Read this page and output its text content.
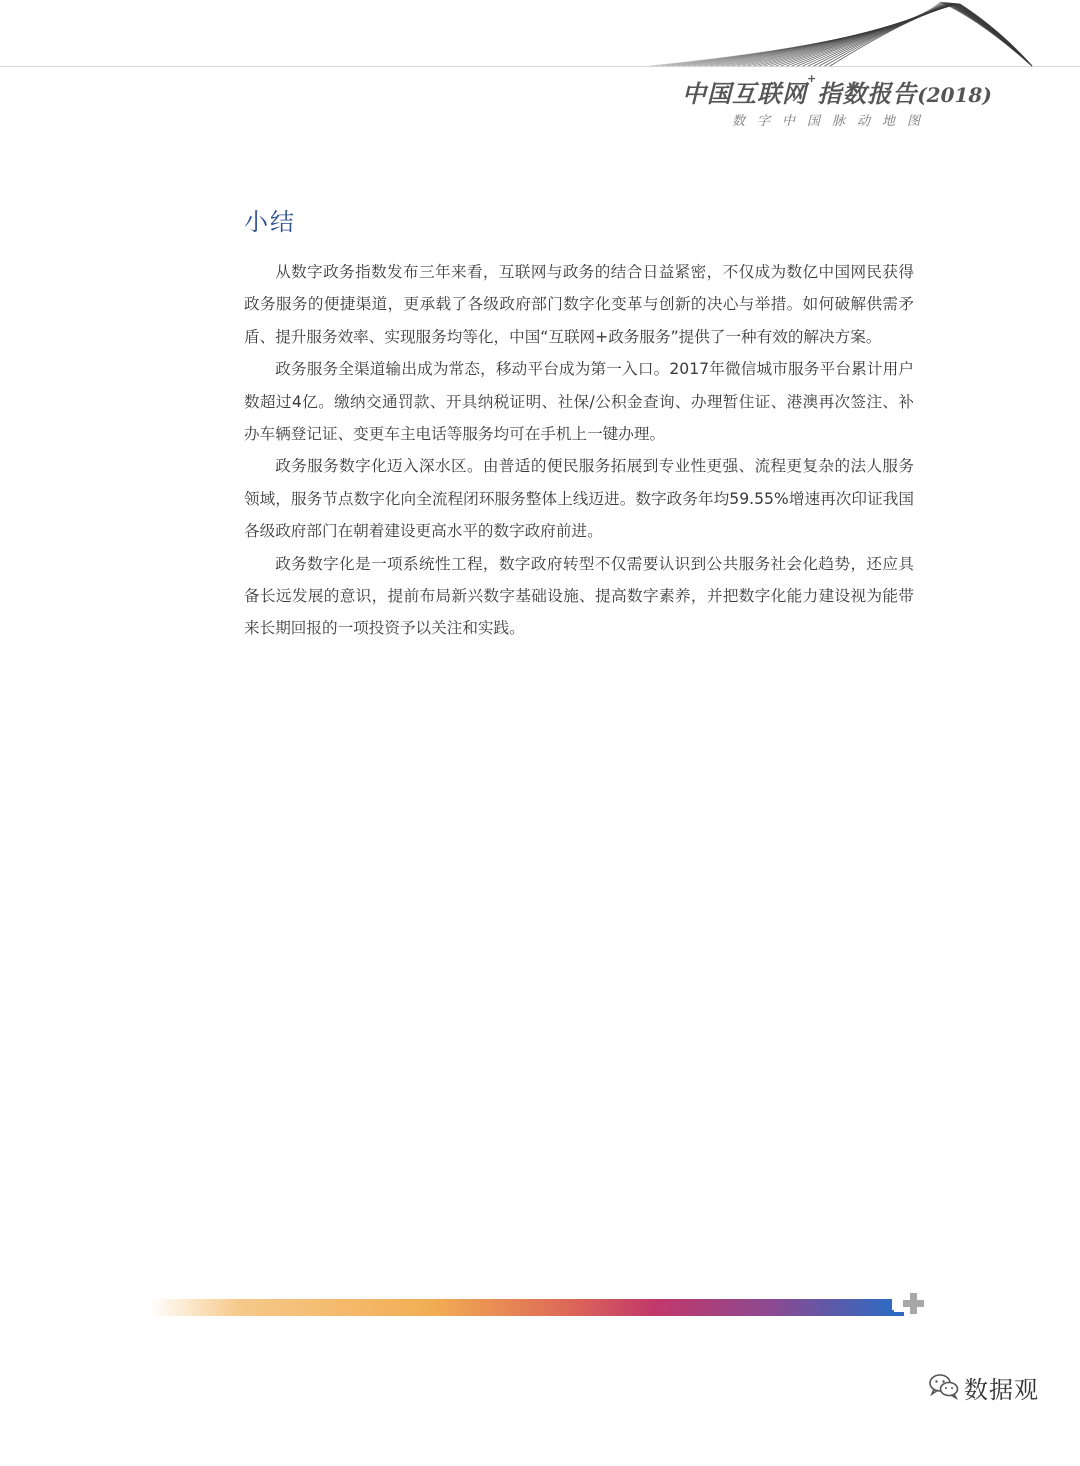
中国互联网+指数报告(2018)
数字中国脉动地图
小结

从数字政务指数发布三年来看，互联网与政务的结合日益紧密，不仅成为数亿中国网民获得政务服务的便捷渠道，更承载了各级政府部门数字化变革与创新的决心与举措。如何破解供需矛盾、提升服务效率、实现服务均等化，中国“互联网+政务服务”提供了一种有效的解决方案。

政务服务全渠道输出成为常态，移动平台成为第一入口。2017年微信城市服务平台累计用户数超过4亿。缴纳交通罚款、开具纳税证明、社保/公积金查询、办理暂住证、港澳再次签注、补办车辆登记证、变更车主电话等服务均可在手机上一键办理。

政务服务数字化迈入深水区。由普适的便民服务拓展到专业性更强、流程更复杂的法人服务领域，服务节点数字化向全流程闭环服务整体上线迈进。数字政务年均59.55%增速再次印证我国各级政府部门在朝着建设更高水平的数字政府前进。

政务数字化是一项系统性工程，数字政府转型不仅需要认识到公共服务社会化趋势，还应具备长远发展的意识，提前布局新兴数字基础设施、提高数字素养，并把数字化能力建设视为能带来长期回报的一项投资予以关注和实践。

数据观
